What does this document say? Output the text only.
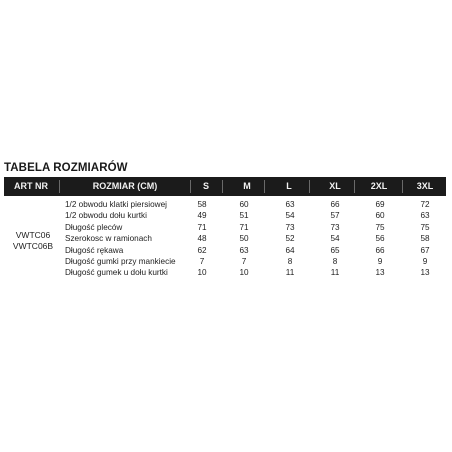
TABELA ROZMIARÓW
ART NR	ROZMIAR (CM)	S	M	L	XL	2XL	3XL
VWTC06
VWTC06B
1/2 obwodu klatki piersiowej	58	60	63	66	69	72
1/2 obwodu dołu kurtki	49	51	54	57	60	63
Długość pleców	71	71	73	73	75	75
Szerokosc w ramionach	48	50	52	54	56	58
Długość rękawa	62	63	64	65	66	67
Długość gumki przy mankiecie	7	7	8	8	9	9
Długość gumek u dołu kurtki	10	10	11	11	13	13
